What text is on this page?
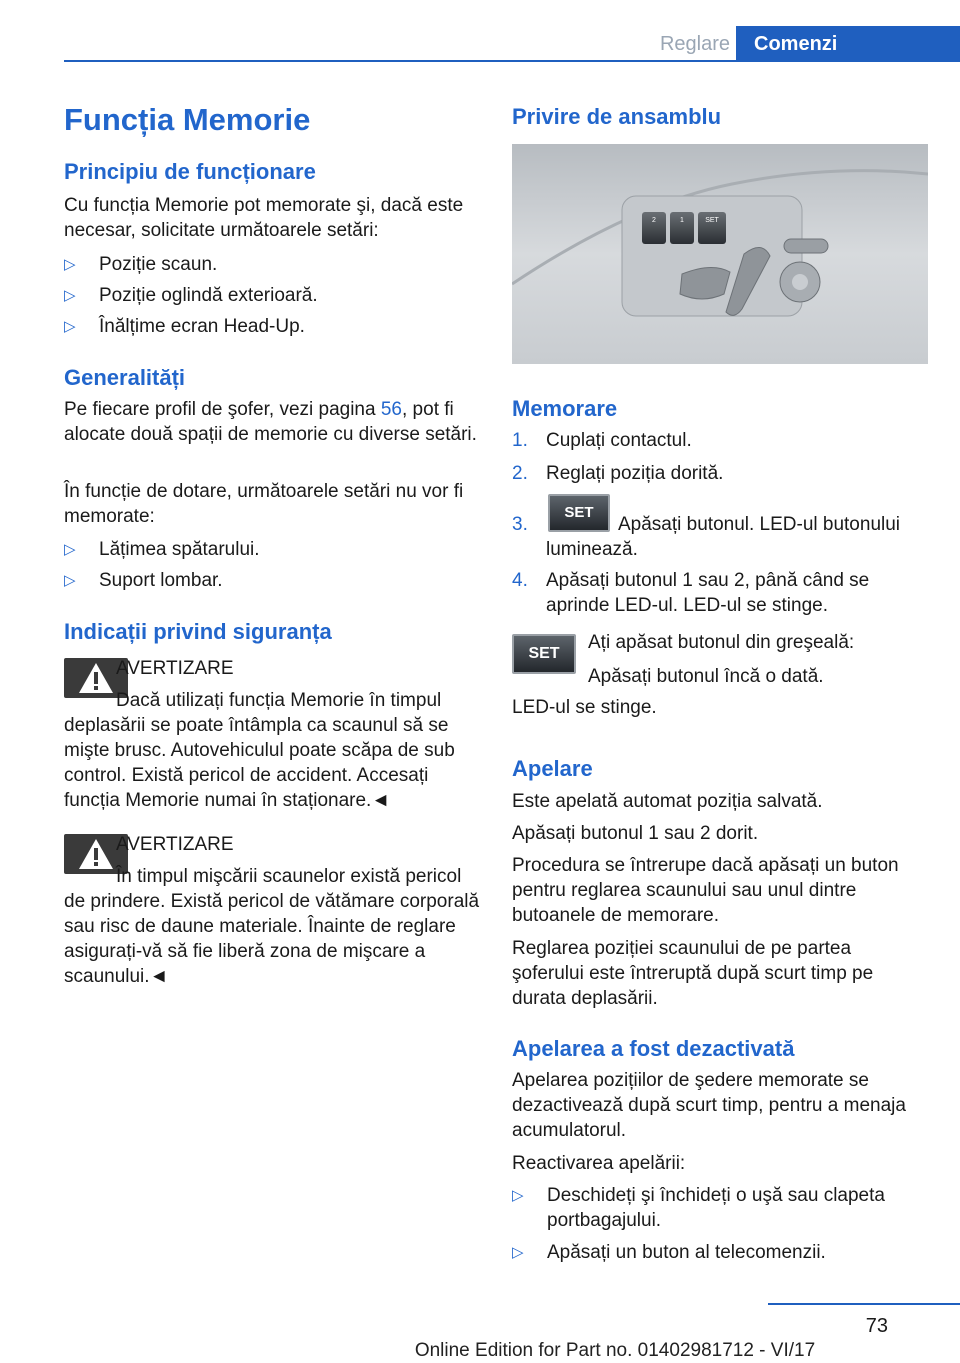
Reglare	Comenzi
Funcția Memorie
Principiu de funcționare

Cu funcția Memorie pot memorate şi, dacă este necesar, solicitate următoarele setări:

▷ Poziție scaun.
▷ Poziție oglindă exterioară.
▷ Înălțime ecran Head-Up.
Generalități

Pe fiecare profil de şofer, vezi pagina 56, pot fi alocate două spații de memorie cu diverse setări.

În funcție de dotare, următoarele setări nu vor fi memorate:

▷ Lățimea spătarului.
▷ Suport lombar.
Indicații privind siguranța

AVERTIZARE

Dacă utilizați funcția Memorie în timpul deplasării se poate întâmpla ca scaunul să se mişte brusc. Autovehiculul poate scăpa de sub control. Există pericol de accident. Accesați funcția Memorie numai în staționare.◄

AVERTIZARE

În timpul mişcării scaunelor există pericol de prindere. Există pericol de vătămare corporală sau risc de daune materiale. Înainte de reglare asigurați-vă să fie liberă zona de mişcare a scaunului.◄

Privire de ansamblu
2	1	SET
Memorare
1. Cuplați contactul.
2. Reglați poziția dorită.
3.
SET
Apăsați butonul. LED-ul butonului luminează.
4. Apăsați butonul 1 sau 2, până când se aprinde LED-ul. LED-ul se stinge.
SET

Ați apăsat butonul din greşeală:

Apăsați butonul încă o dată.

LED-ul se stinge.

Apelare

Este apelată automat poziția salvată.

Apăsați butonul 1 sau 2 dorit.

Procedura se întrerupe dacă apăsați un buton pentru reglarea scaunului sau unul dintre butoanele de memorare.

Reglarea poziției scaunului de pe partea şoferului este întreruptă după scurt timp pe durata deplasării.

Apelarea a fost dezactivată

Apelarea pozițiilor de şedere memorate se dezactivează după scurt timp, pentru a menaja acumulatorul.

Reactivarea apelării:

▷ Deschideți şi închideți o uşă sau clapeta portbagajului.
▷ Apăsați un buton al telecomenzii.
73
Online Edition for Part no. 01402981712 - VI/17
